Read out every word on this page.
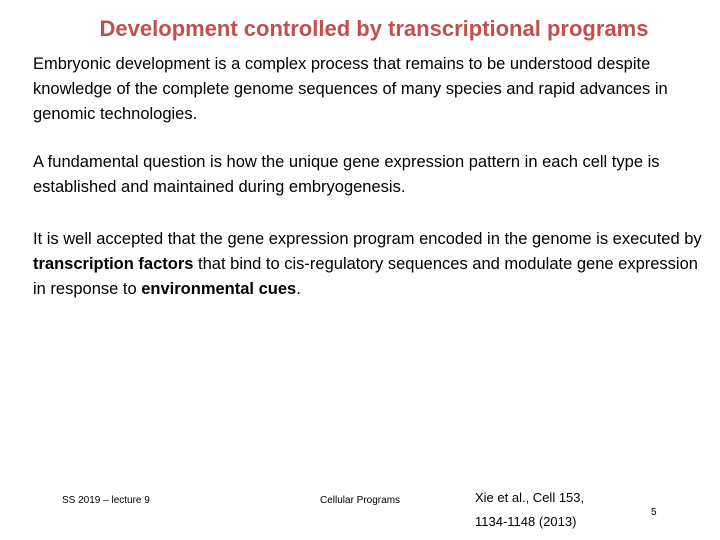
Development controlled by transcriptional programs

Embryonic development is a complex process that remains to be understood despite knowledge of the complete genome sequences of many species and rapid advances in genomic technologies.

A fundamental question is how the unique gene expression pattern in each cell type is established and maintained during embryogenesis.

It is well accepted that the gene expression program encoded in the genome is executed by transcription factors that bind to cis-regulatory sequences and modulate gene expression in response to environmental cues.

SS 2019 – lecture 9	Cellular Programs	Xie et al., Cell 153,
1134-1148 (2013)
5
